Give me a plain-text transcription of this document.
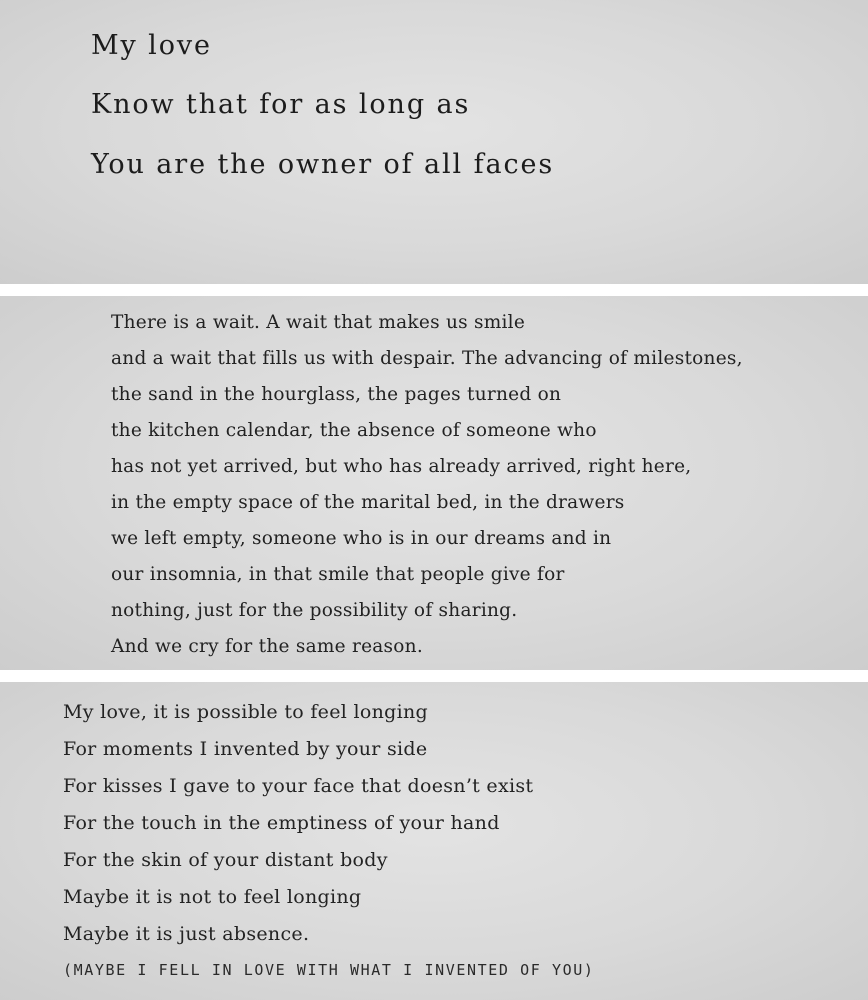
My love

Know that for as long as

You are the owner of all faces

There is a wait. A wait that makes us smile

and a wait that fills us with despair. The advancing of milestones,

the sand in the hourglass, the pages turned on

the kitchen calendar, the absence of someone who

has not yet arrived, but who has already arrived, right here,

in the empty space of the marital bed, in the drawers

we left empty, someone who is in our dreams and in

our insomnia, in that smile that people give for

nothing, just for the possibility of sharing.

And we cry for the same reason.

My love, it is possible to feel longing

For moments I invented by your side

For kisses I gave to your face that doesn’t exist

For the touch in the emptiness of your hand

For the skin of your distant body

Maybe it is not to feel longing

Maybe it is just absence.

(MAYBE I FELL IN LOVE WITH WHAT I INVENTED OF YOU)
